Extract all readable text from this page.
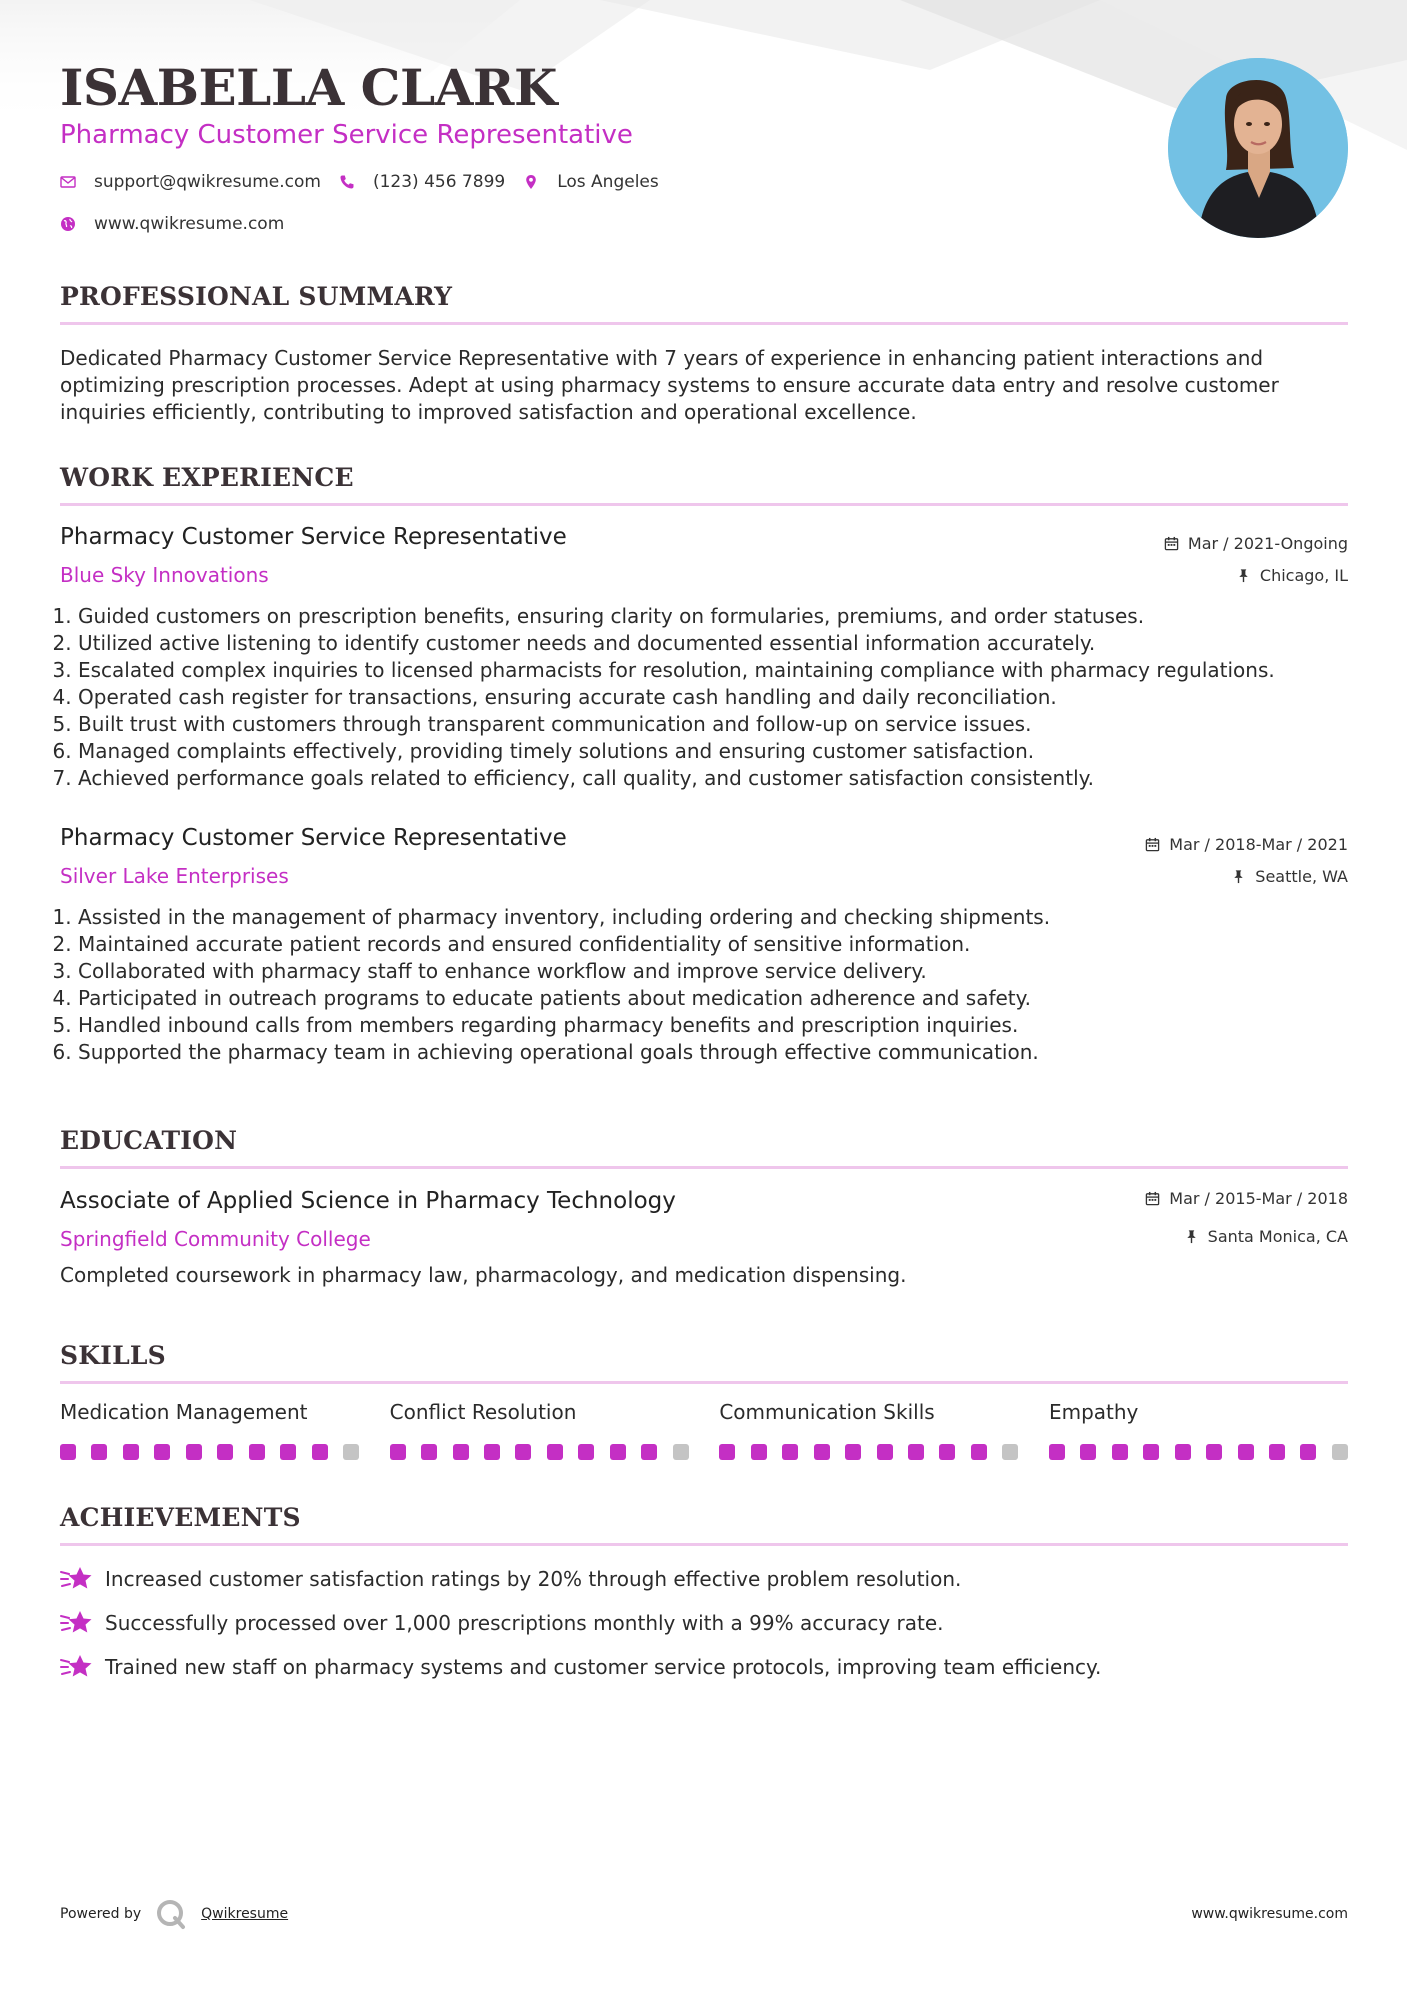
ISABELLA CLARK
Pharmacy Customer Service Representative
support@qwikresume.com	(123) 456 7899	Los Angeles
www.qwikresume.com
PROFESSIONAL SUMMARY

Dedicated Pharmacy Customer Service Representative with 7 years of experience in enhancing patient interactions and optimizing prescription processes. Adept at using pharmacy systems to ensure accurate data entry and resolve customer inquiries efficiently, contributing to improved satisfaction and operational excellence.

WORK EXPERIENCE
Pharmacy Customer Service Representative
Blue Sky Innovations
Mar / 2021-Ongoing
Chicago, IL
1. Guided customers on prescription benefits, ensuring clarity on formularies, premiums, and order statuses.
2. Utilized active listening to identify customer needs and documented essential information accurately.
3. Escalated complex inquiries to licensed pharmacists for resolution, maintaining compliance with pharmacy regulations.
4. Operated cash register for transactions, ensuring accurate cash handling and daily reconciliation.
5. Built trust with customers through transparent communication and follow-up on service issues.
6. Managed complaints effectively, providing timely solutions and ensuring customer satisfaction.
7. Achieved performance goals related to efficiency, call quality, and customer satisfaction consistently.
Pharmacy Customer Service Representative
Silver Lake Enterprises
Mar / 2018-Mar / 2021
Seattle, WA
1. Assisted in the management of pharmacy inventory, including ordering and checking shipments.
2. Maintained accurate patient records and ensured confidentiality of sensitive information.
3. Collaborated with pharmacy staff to enhance workflow and improve service delivery.
4. Participated in outreach programs to educate patients about medication adherence and safety.
5. Handled inbound calls from members regarding pharmacy benefits and prescription inquiries.
6. Supported the pharmacy team in achieving operational goals through effective communication.
EDUCATION
Associate of Applied Science in Pharmacy Technology
Springfield Community College
Mar / 2015-Mar / 2018
Santa Monica, CA

Completed coursework in pharmacy law, pharmacology, and medication dispensing.

SKILLS
Medication Management	Conflict Resolution	Communication Skills	Empathy
ACHIEVEMENTS
Increased customer satisfaction ratings by 20% through effective problem resolution.
Successfully processed over 1,000 prescriptions monthly with a 99% accuracy rate.
Trained new staff on pharmacy systems and customer service protocols, improving team efficiency.
Powered by	Qwikresume	www.qwikresume.com
